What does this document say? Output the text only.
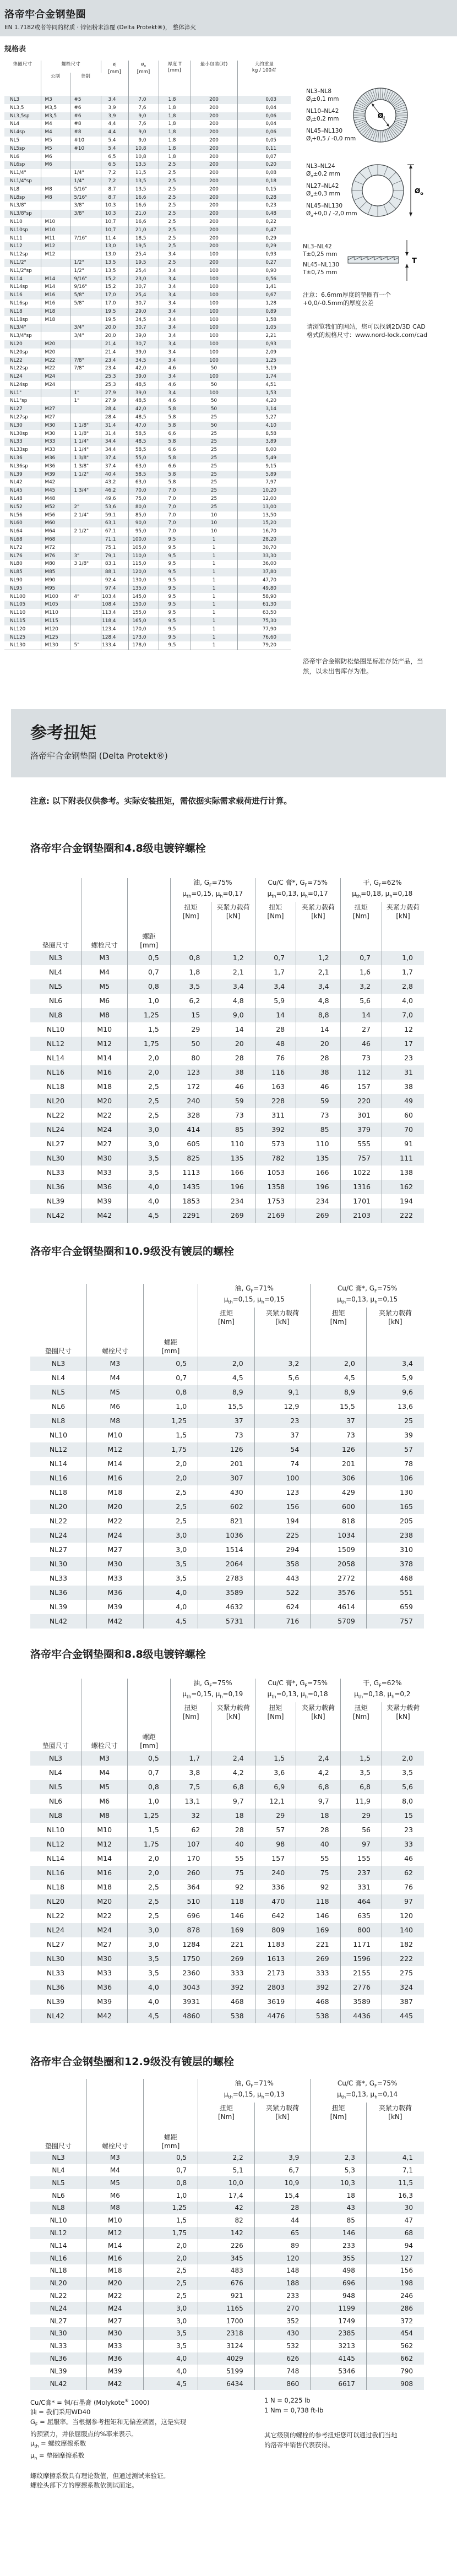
洛帝牢合金钢垫圈
EN 1.7182或者等同的材质 · 锌铝粉末涂覆 (Delta Protekt®)， 整体淬火
规格表
垫圈尺寸	螺栓尺寸		$ø_i$
[mm]	$ø_o$
[mm]	厚度 T
[mm]	最小包装(对)	大约重量
kg / 100对
	公制	美制					
NL3	M3	#5	3,4	7,0	1,8	200	0,03
NL3,5	M3,5	#6	3,9	7,6	1,8	200	0,04
NL3,5sp	M3,5	#6	3,9	9,0	1,8	200	0,06
NL4	M4	#8	4,4	7,6	1,8	200	0,04
NL4sp	M4	#8	4,4	9,0	1,8	200	0,06
NL5	M5	#10	5,4	9,0	1,8	200	0,05
NL5sp	M5	#10	5,4	10,8	1,8	200	0,11
NL6	M6		6,5	10,8	1,8	200	0,07
NL6sp	M6		6,5	13,5	2,5	200	0,20
NL1/4"		1/4"	7,2	11,5	2,5	200	0,08
NL1/4"sp		1/4"	7,2	13,5	2,5	200	0,18
NL8	M8	5/16"	8,7	13,5	2,5	200	0,15
NL8sp	M8	5/16"	8,7	16,6	2,5	200	0,28
NL3/8"		3/8"	10,3	16,6	2,5	200	0,23
NL3/8"sp		3/8"	10,3	21,0	2,5	200	0,48
NL10	M10		10,7	16,6	2,5	200	0,22
NL10sp	M10		10,7	21,0	2,5	200	0,47
NL11	M11	7/16"	11,4	18,5	2,5	200	0,29
NL12	M12		13,0	19,5	2,5	200	0,29
NL12sp	M12		13,0	25,4	3,4	100	0,93
NL1/2"		1/2"	13,5	19,5	2,5	200	0,27
NL1/2"sp		1/2"	13,5	25,4	3,4	100	0,90
NL14	M14	9/16"	15,2	23,0	3,4	100	0,56
NL14sp	M14	9/16"	15,2	30,7	3,4	100	1,41
NL16	M16	5/8"	17,0	25,4	3,4	100	0,67
NL16sp	M16	5/8"	17,0	30,7	3,4	100	1,28
NL18	M18		19,5	29,0	3,4	100	0,89
NL18sp	M18		19,5	34,5	3,4	100	1,58
NL3/4"		3/4"	20,0	30,7	3,4	100	1,05
NL3/4"sp		3/4"	20,0	39,0	3,4	100	2,21
NL20	M20		21,4	30,7	3,4	100	0,93
NL20sp	M20		21,4	39,0	3,4	100	2,09
NL22	M22	7/8"	23,4	34,5	3,4	100	1,25
NL22sp	M22	7/8"	23,4	42,0	4,6	50	3,19
NL24	M24		25,3	39,0	3,4	100	1,74
NL24sp	M24		25,3	48,5	4,6	50	4,51
NL1"		1"	27,9	39,0	3,4	100	1,53
NL1"sp		1"	27,9	48,5	4,6	50	4,20
NL27	M27		28,4	42,0	5,8	50	3,14
NL27sp	M27		28,4	48,5	5,8	25	5,27
NL30	M30	1 1/8"	31,4	47,0	5,8	50	4,10
NL30sp	M30	1 1/8"	31,4	58,5	6,6	25	8,58
NL33	M33	1 1/4"	34,4	48,5	5,8	25	3,89
NL33sp	M33	1 1/4"	34,4	58,5	6,6	25	8,00
NL36	M36	1 3/8"	37,4	55,0	5,8	25	5,49
NL36sp	M36	1 3/8"	37,4	63,0	6,6	25	9,15
NL39	M39	1 1/2"	40,4	58,5	5,8	25	5,89
NL42	M42		43,2	63,0	5,8	25	7,97
NL45	M45	1 3/4"	46,2	70,0	7,0	25	10,20
NL48	M48		49,6	75,0	7,0	25	12,00
NL52	M52	2"	53,6	80,0	7,0	25	13,00
NL56	M56	2 1/4"	59,1	85,0	7,0	10	13,50
NL60	M60		63,1	90,0	7,0	10	15,20
NL64	M64	2 1/2"	67,1	95,0	7,0	10	16,70
NL68	M68		71,1	100,0	9,5	1	28,20
NL72	M72		75,1	105,0	9,5	1	30,70
NL76	M76	3"	79,1	110,0	9,5	1	33,30
NL80	M80	3 1/8"	83,1	115,0	9,5	1	36,00
NL85	M85		88,1	120,0	9,5	1	37,80
NL90	M90		92,4	130,0	9,5	1	47,70
NL95	M95		97,4	135,0	9,5	1	49,80
NL100	M100	4"	103,4	145,0	9,5	1	58,90
NL105	M105		108,4	150,0	9,5	1	61,30
NL110	M110		113,4	155,0	9,5	1	63,50
NL115	M115		118,4	165,0	9,5	1	75,30
NL120	M120		123,4	170,0	9,5	1	77,90
NL125	M125		128,4	173,0	9,5	1	76,60
NL130	M130	5"	133,4	178,0	9,5	1	79,20
NL3–NL8
$Ø_i\pm 0,1$ mm
NL10–NL42
$Ø_i\pm 0,2$ mm
NL45–NL130
$Ø_i+0,5 / -0,0$ mm
$Ø_i$
NL3–NL24
$Ø_o\pm 0,2$ mm
NL27–NL42
$Ø_o\pm 0,3$ mm
NL45–NL130
$Ø_o+0,0 / -2,0$ mm
$Ø_o$
NL3–NL42
T±0,25 mm
NL45–NL130
T±0,75 mm
T
注意：6.6mm厚度的垫圈有一个
+0,0/-0.5mm的厚度公差
请浏览我们的网站，您可以找到2D/3D CAD
格式的规格尺寸：www.nord-lock.com/cad
洛帝牢合金钢防松垫圈是标准存货产品，当
然，以未出售库存为准。
参考扭矩
洛帝牢合金钢垫圈 (Delta Protekt®)
注意: 以下附表仅供参考。实际安装扭矩，需依据实际需求载荷进行计算。
洛帝牢合金钢垫圈和4.8级电镀锌螺栓
垫圈尺寸	螺栓尺寸	螺距
[mm]	油, $G_F=75\%$
$\mu_{th}=0,15$, $\mu_h=0,17$		Cu/C 膏*, $G_F=75\%$
$\mu_{th}=0,13$, $\mu_h=0,17$		干, $G_F=62\%$
$\mu_{th}=0,18$, $\mu_h=0,18$	
			扭矩
[Nm]	夹紧力载荷
[kN]	扭矩
[Nm]	夹紧力载荷
[kN]	扭矩
[Nm]	夹紧力载荷
[kN]
NL3	M3	0,5	0,8	1,2	0,7	1,2	0,7	1,0
NL4	M4	0,7	1,8	2,1	1,7	2,1	1,6	1,7
NL5	M5	0,8	3,5	3,4	3,4	3,4	3,2	2,8
NL6	M6	1,0	6,2	4,8	5,9	4,8	5,6	4,0
NL8	M8	1,25	15	9,0	14	8,8	14	7,0
NL10	M10	1,5	29	14	28	14	27	12
NL12	M12	1,75	50	20	48	20	46	17
NL14	M14	2,0	80	28	76	28	73	23
NL16	M16	2,0	123	38	116	38	112	31
NL18	M18	2,5	172	46	163	46	157	38
NL20	M20	2,5	240	59	228	59	220	49
NL22	M22	2,5	328	73	311	73	301	60
NL24	M24	3,0	414	85	392	85	379	70
NL27	M27	3,0	605	110	573	110	555	91
NL30	M30	3,5	825	135	782	135	757	111
NL33	M33	3,5	1113	166	1053	166	1022	138
NL36	M36	4,0	1435	196	1358	196	1316	162
NL39	M39	4,0	1853	234	1753	234	1701	194
NL42	M42	4,5	2291	269	2169	269	2103	222
洛帝牢合金钢垫圈和10.9级没有镀层的螺栓
垫圈尺寸	螺栓尺寸	螺距
[mm]	油, $G_F=71\%$
$\mu_{th}=0,15$, $\mu_h=0,15$		Cu/C 膏*, $G_F=75\%$
$\mu_{th}=0,13$, $\mu_h=0,15$	
			扭矩
[Nm]	夹紧力载荷
[kN]	扭矩
[Nm]	夹紧力载荷
[kN]
NL3	M3	0,5	2,0	3,2	2,0	3,4
NL4	M4	0,7	4,5	5,6	4,5	5,9
NL5	M5	0,8	8,9	9,1	8,9	9,6
NL6	M6	1,0	15,5	12,9	15,5	13,6
NL8	M8	1,25	37	23	37	25
NL10	M10	1,5	73	37	73	39
NL12	M12	1,75	126	54	126	57
NL14	M14	2,0	201	74	201	78
NL16	M16	2,0	307	100	306	106
NL18	M18	2,5	430	123	429	130
NL20	M20	2,5	602	156	600	165
NL22	M22	2,5	821	194	818	205
NL24	M24	3,0	1036	225	1034	238
NL27	M27	3,0	1514	294	1509	310
NL30	M30	3,5	2064	358	2058	378
NL33	M33	3,5	2783	443	2772	468
NL36	M36	4,0	3589	522	3576	551
NL39	M39	4,0	4632	624	4614	659
NL42	M42	4,5	5731	716	5709	757
洛帝牢合金钢垫圈和8.8级电镀锌螺栓
垫圈尺寸	螺栓尺寸	螺距
[mm]	油, $G_F=75\%$
$\mu_{th}=0,15$, $\mu_h=0,19$		Cu/C 膏*, $G_F=75\%$
$\mu_{th}=0,13$, $\mu_h=0,18$		干, $G_F=62\%$
$\mu_{th}=0,18$, $\mu_h=0,2$	
			扭矩
[Nm]	夹紧力载荷
[kN]	扭矩
[Nm]	夹紧力载荷
[kN]	扭矩
[Nm]	夹紧力载荷
[kN]
NL3	M3	0,5	1,7	2,4	1,5	2,4	1,5	2,0
NL4	M4	0,7	3,8	4,2	3,6	4,2	3,5	3,5
NL5	M5	0,8	7,5	6,8	6,9	6,8	6,8	5,6
NL6	M6	1,0	13,1	9,7	12,1	9,7	11,9	8,0
NL8	M8	1,25	32	18	29	18	29	15
NL10	M10	1,5	62	28	57	28	56	23
NL12	M12	1,75	107	40	98	40	97	33
NL14	M14	2,0	170	55	157	55	155	46
NL16	M16	2,0	260	75	240	75	237	62
NL18	M18	2,5	364	92	336	92	331	76
NL20	M20	2,5	510	118	470	118	464	97
NL22	M22	2,5	696	146	642	146	635	120
NL24	M24	3,0	878	169	809	169	800	140
NL27	M27	3,0	1284	221	1183	221	1171	182
NL30	M30	3,5	1750	269	1613	269	1596	222
NL33	M33	3,5	2360	333	2173	333	2155	275
NL36	M36	4,0	3043	392	2803	392	2776	324
NL39	M39	4,0	3931	468	3619	468	3589	387
NL42	M42	4,5	4860	538	4476	538	4436	445
洛帝牢合金钢垫圈和12.9级没有镀层的螺栓
垫圈尺寸	螺栓尺寸	螺距
[mm]	油, $G_F=71\%$
$\mu_{th}=0,15$, $\mu_h=0,13$		Cu/C 膏*, $G_F=75\%$
$\mu_{th}=0,13$, $\mu_h=0,14$	
			扭矩
[Nm]	夹紧力载荷
[kN]	扭矩
[Nm]	夹紧力载荷
[kN]
NL3	M3	0,5	2,2	3,9	2,3	4,1
NL4	M4	0,7	5,1	6,7	5,3	7,1
NL5	M5	0,8	10,0	10,9	10,3	11,5
NL6	M6	1,0	17,4	15,4	18	16,3
NL8	M8	1,25	42	28	43	30
NL10	M10	1,5	82	44	85	47
NL12	M12	1,75	142	65	146	68
NL14	M14	2,0	226	89	233	94
NL16	M16	2,0	345	120	355	127
NL18	M18	2,5	483	148	498	156
NL20	M20	2,5	676	188	696	198
NL22	M22	2,5	921	233	948	246
NL24	M24	3,0	1165	270	1199	286
NL27	M27	3,0	1700	352	1749	372
NL30	M30	3,5	2318	430	2385	454
NL33	M33	3,5	3124	532	3213	562
NL36	M36	4,0	4029	626	4145	662
NL39	M39	4,0	5199	748	5346	790
NL42	M42	4,5	6434	860	6617	908
Cu/C膏* = 铜/石墨膏 (Molykote® 1000)
油 = 我们采用WD40
$G_F$ = 屈服率。当根据参考扭矩和无偏差紧固，这是实现
的预紧力，并依屈服点的%率来表示。
$\mu_{th}$ = 螺纹摩擦系数
$\mu_h$ = 垫圈摩擦系数
螺纹摩擦系数具有理论数值，但通过测试来验证。
螺栓头部下方的摩擦系数依测试而定。
1 N = 0,225 lb
1 Nm = 0,738 ft-lb
其它级别的螺栓的参考扭矩您可以通过我们当地
的洛帝牢销售代表获得。
